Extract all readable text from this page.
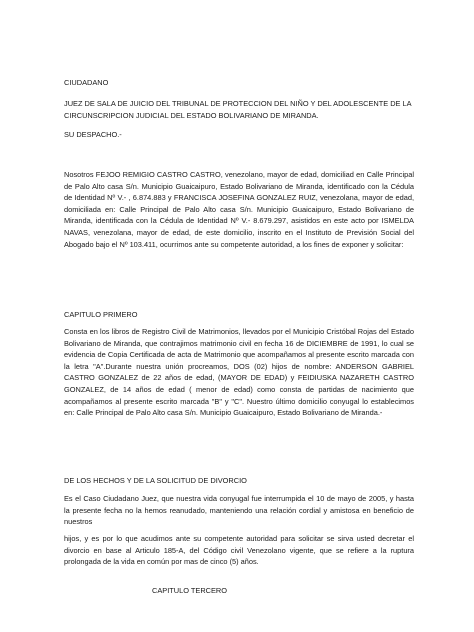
CIUDADANO

JUEZ DE SALA DE JUICIO DEL TRIBUNAL DE PROTECCION DEL NIÑO Y DEL ADOLESCENTE DE LA CIRCUNSCRIPCION JUDICIAL DEL ESTADO BOLIVARIANO DE MIRANDA.

SU DESPACHO.-

Nosotros FEJOO REMIGIO CASTRO CASTRO, venezolano, mayor de edad, domiciliad en Calle Principal de Palo Alto casa S/n. Municipio Guaicaipuro, Estado Bolivariano de Miranda, identificado con la Cédula de Identidad Nº V.- , 6.874.883 y FRANCISCA JOSEFINA GONZALEZ RUIZ, venezolana, mayor de edad, domiciliada en: Calle Principal de Palo Alto casa S/n. Municipio Guaicaipuro, Estado Bolivariano de Miranda, identificada con la Cédula de Identidad Nº V.- 8.679.297, asistidos en este acto por ISMELDA NAVAS, venezolana, mayor de edad, de este domicilio, inscrito en el Instituto de Previsión Social del Abogado bajo el Nº 103.411, ocurrimos ante su competente autoridad, a los fines de exponer y solicitar:

CAPITULO PRIMERO

Consta en los libros de Registro Civil de Matrimonios, llevados por el Municipio Cristóbal Rojas del Estado Bolivariano de Miranda, que contrajimos matrimonio civil en fecha 16 de DICIEMBRE de 1991, lo cual se evidencia de Copia Certificada de acta de Matrimonio que acompañamos al presente escrito marcada con la letra "A".Durante nuestra unión procreamos, DOS (02) hijos de nombre: ANDERSON GABRIEL CASTRO GONZALEZ de 22 años de edad, (MAYOR DE EDAD) y FEIDIUSKA NAZARETH CASTRO GONZALEZ, de 14 años de edad ( menor de edad) como consta de partidas de nacimiento que acompañamos al presente escrito marcada "B" y "C". Nuestro último domicilio conyugal lo establecimos en: Calle Principal de Palo Alto casa S/n. Municipio Guaicaipuro, Estado Bolivariano de Miranda.-

DE LOS HECHOS Y DE LA SOLICITUD DE DIVORCIO

Es el Caso Ciudadano Juez, que nuestra vida conyugal fue interrumpida el 10 de mayo de 2005, y hasta la presente fecha no la hemos reanudado, manteniendo una relación cordial y amistosa en beneficio de nuestros

hijos, y es por lo que acudimos ante su competente autoridad para solicitar se sirva usted decretar el divorcio en base al Articulo 185-A, del Código civil Venezolano vigente, que se refiere a la ruptura prolongada de la vida en común por mas de cinco (5) años.

CAPITULO TERCERO
